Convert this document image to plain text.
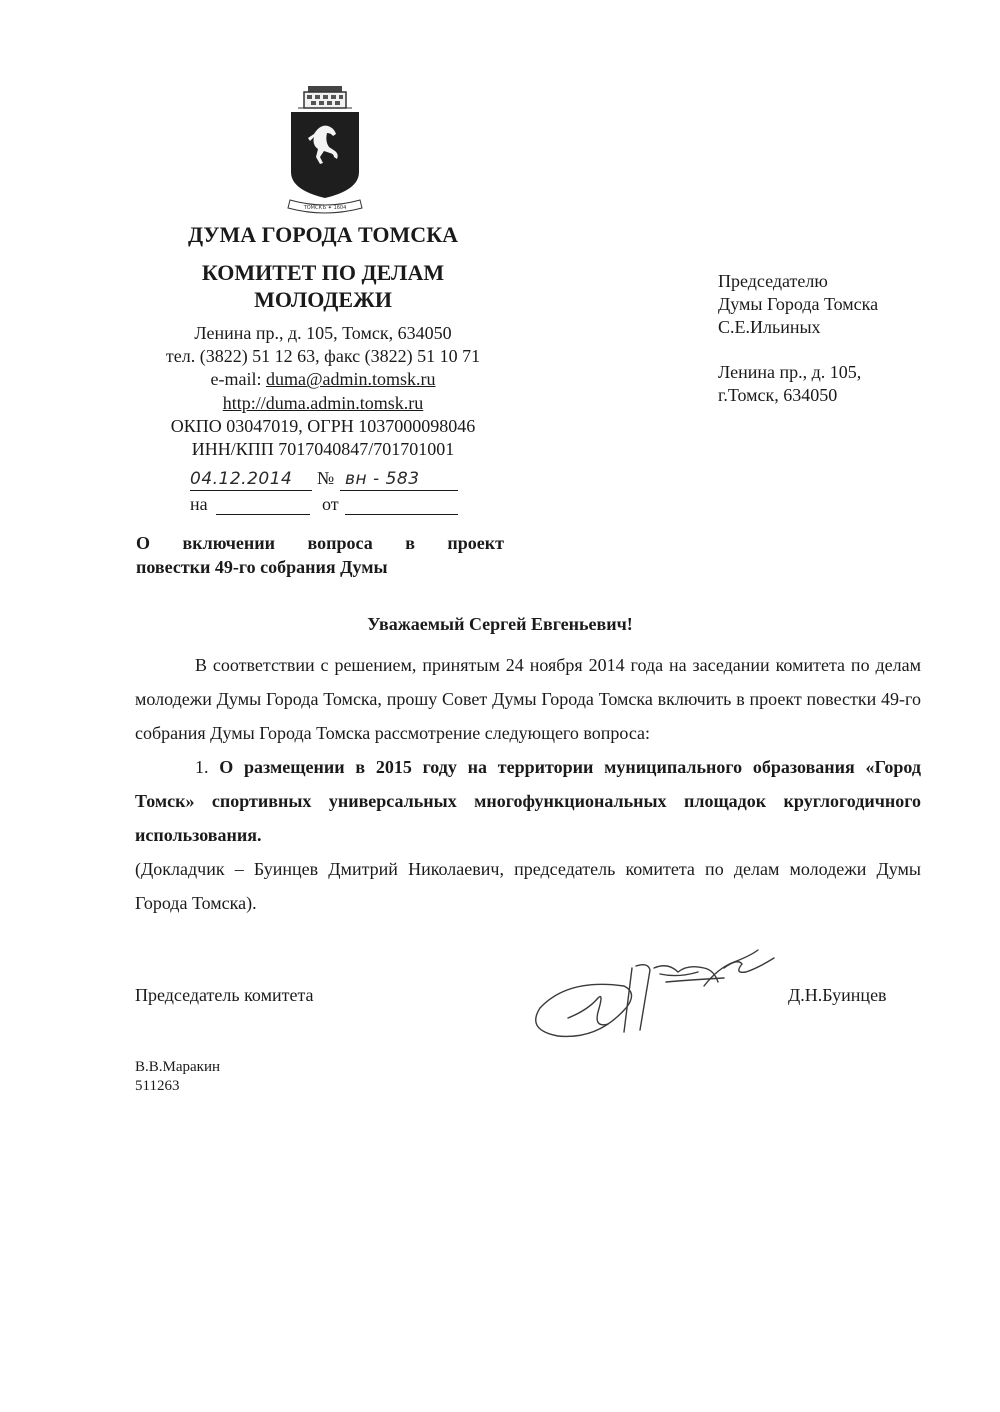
ТОМСКЪ ✦ 1604
ДУМА ГОРОДА ТОМСКА
КОМИТЕТ ПО ДЕЛАМ
МОЛОДЕЖИ
Ленина пр., д. 105, Томск, 634050
тел. (3822) 51 12 63, факс (3822) 51 10 71
e-mail: duma@admin.tomsk.ru
http://duma.admin.tomsk.ru
ОКПО 03047019, ОГРН 1037000098046
ИНН/КПП 7017040847/701701001
04.12.2014 № вн - 583
на	от
О включении вопроса в проект
повестки 49-го собрания Думы
Председателю
Думы Города Томска
С.Е.Ильиных
Ленина пр., д. 105,
г.Томск, 634050
Уважаемый Сергей Евгеньевич!

В соответствии с решением, принятым 24 ноября 2014 года на заседании комитета по делам молодежи Думы Города Томска, прошу Совет Думы Города Томска включить в проект повестки 49-го собрания Думы Города Томска рассмотрение следующего вопроса:

1. О размещении в 2015 году на территории муниципального образования «Город Томск» спортивных универсальных многофункциональных площадок круглогодичного использования.

(Докладчик – Буинцев Дмитрий Николаевич, председатель комитета по делам молодежи Думы Города Томска).

Председатель комитета	Д.Н.Буинцев
В.В.Маракин
511263
